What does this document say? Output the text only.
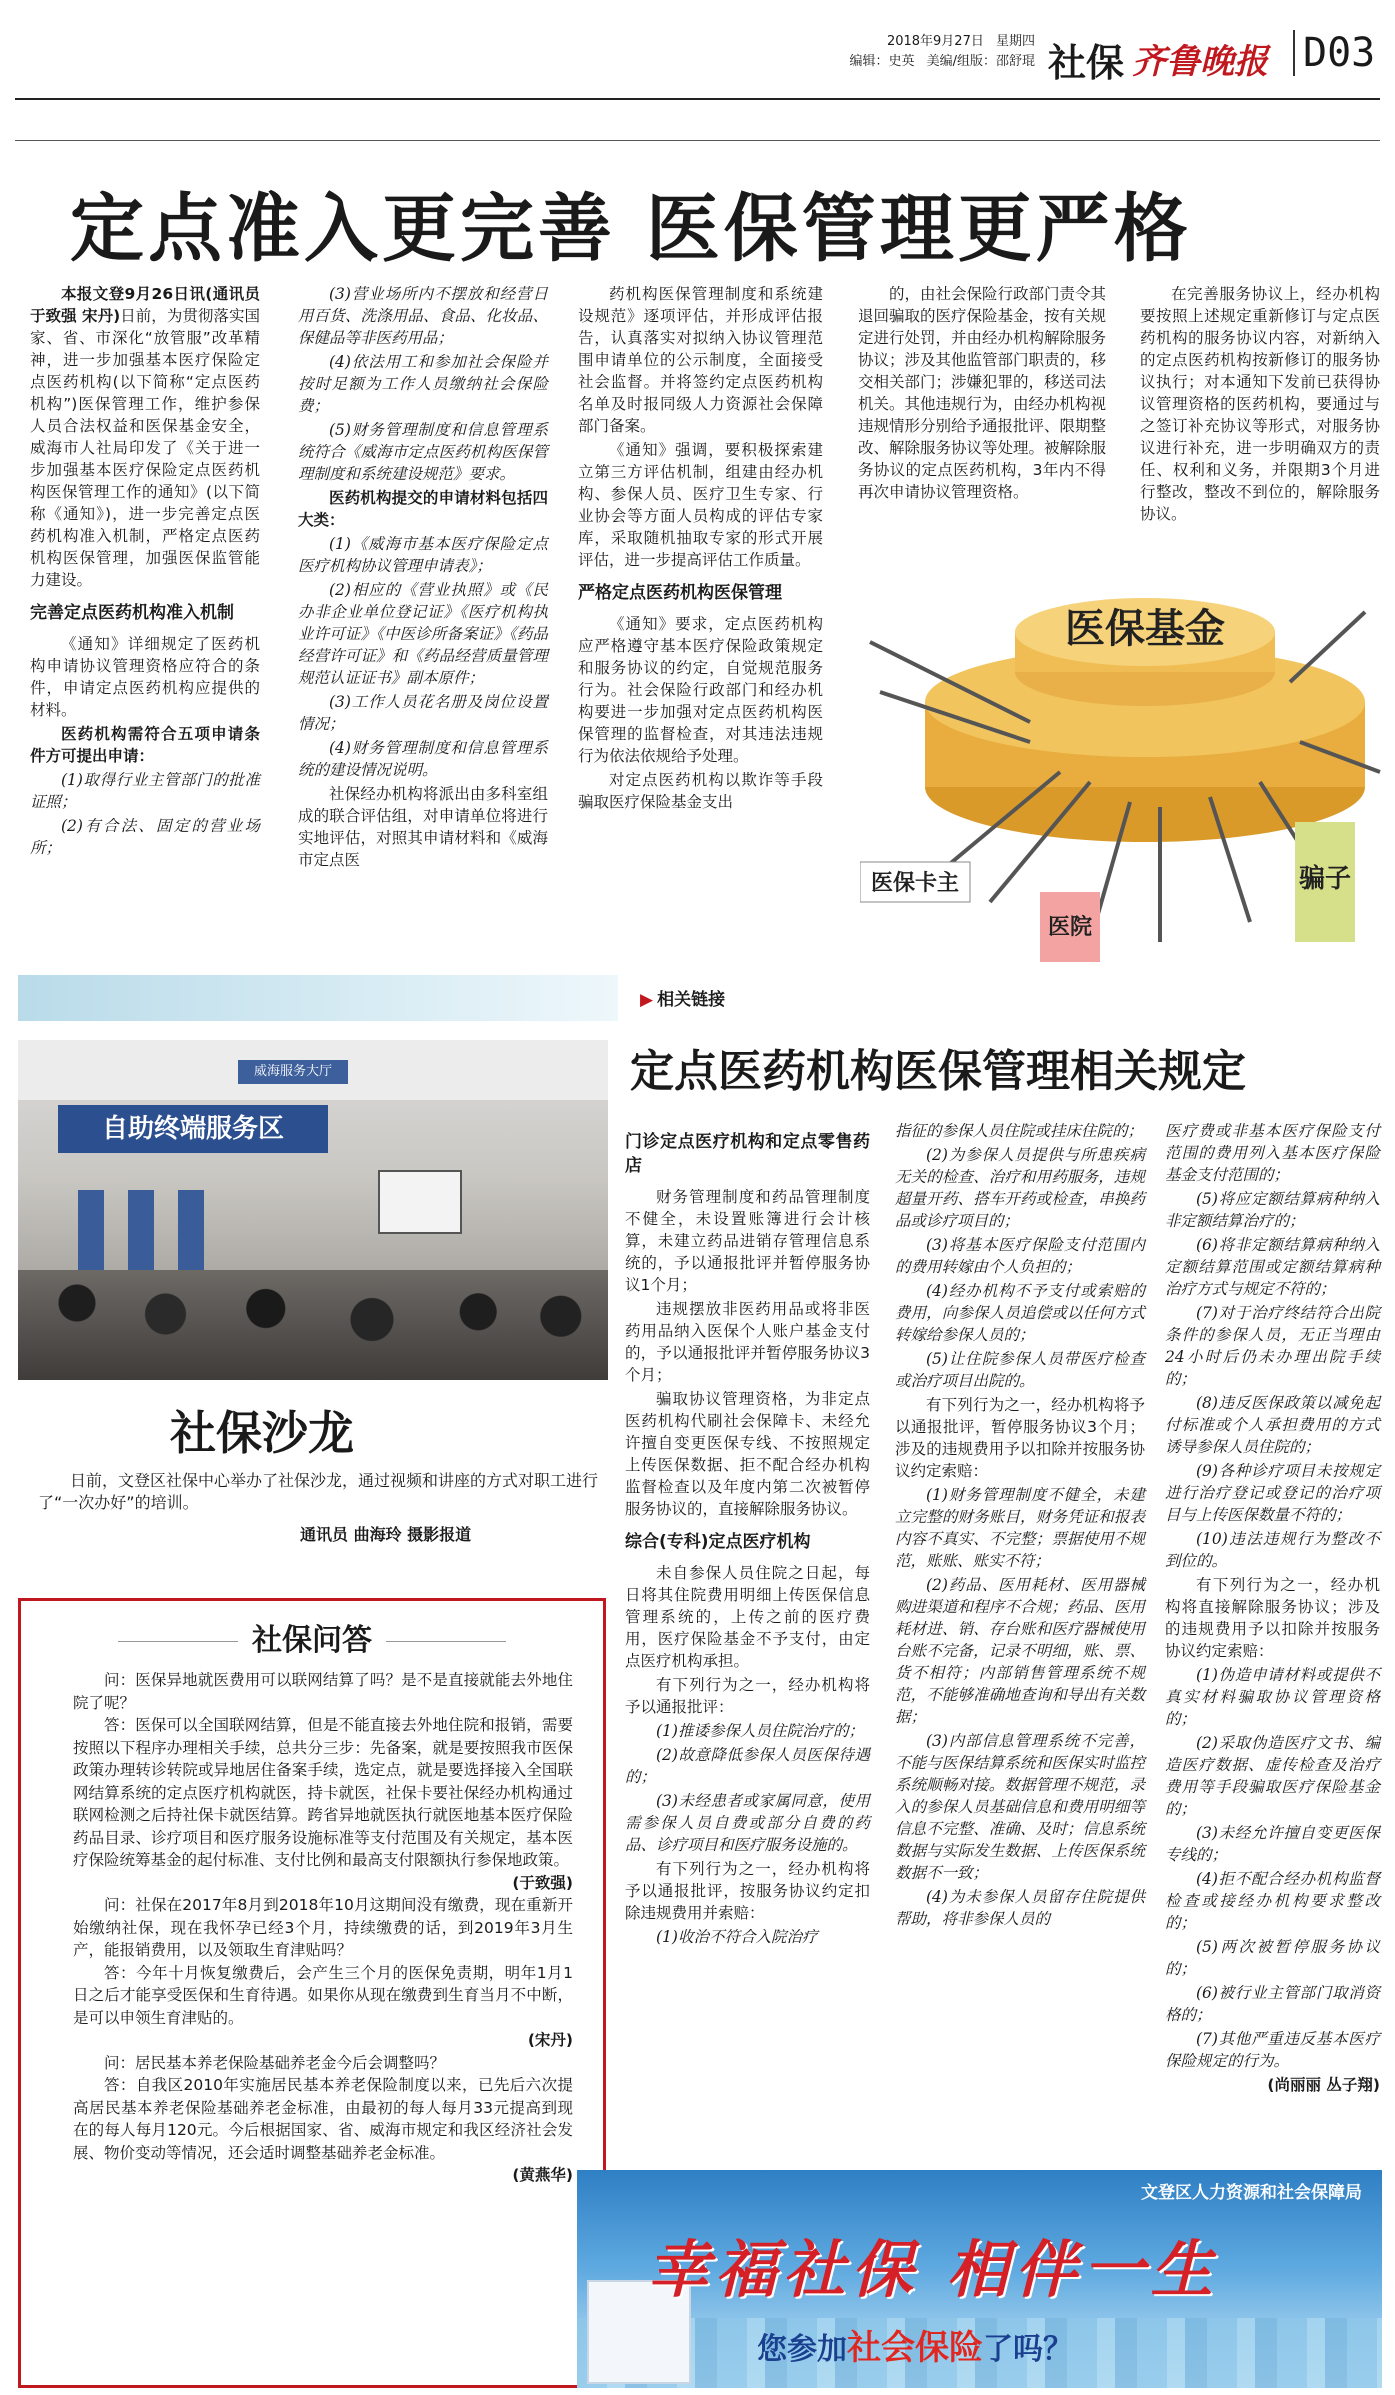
2018年9月27日 星期四
编辑：史英 美编/组版：邵舒琨 社保 齐鲁晚报 D03
定点准入更完善 医保管理更严格

本报文登9月26日讯(通讯员 于致强 宋丹)日前，为贯彻落实国家、省、市深化“放管服”改革精神，进一步加强基本医疗保险定点医药机构(以下简称“定点医药机构”)医保管理工作，维护参保人员合法权益和医保基金安全，威海市人社局印发了《关于进一步加强基本医疗保险定点医药机构医保管理工作的通知》(以下简称《通知》)，进一步完善定点医药机构准入机制，严格定点医药机构医保管理，加强医保监管能力建设。

完善定点医药机构准入机制

《通知》详细规定了医药机构申请协议管理资格应符合的条件，申请定点医药机构应提供的材料。

医药机构需符合五项申请条件方可提出申请：

(1)取得行业主管部门的批准证照；

(2)有合法、固定的营业场所；

(3)营业场所内不摆放和经营日用百货、洗涤用品、食品、化妆品、保健品等非医药用品；

(4)依法用工和参加社会保险并按时足额为工作人员缴纳社会保险费；

(5)财务管理制度和信息管理系统符合《威海市定点医药机构医保管理制度和系统建设规范》要求。

医药机构提交的申请材料包括四大类：

(1)《威海市基本医疗保险定点医疗机构协议管理申请表》；

(2)相应的《营业执照》或《民办非企业单位登记证》《医疗机构执业许可证》《中医诊所备案证》《药品经营许可证》和《药品经营质量管理规范认证证书》副本原件；

(3)工作人员花名册及岗位设置情况；

(4)财务管理制度和信息管理系统的建设情况说明。

社保经办机构将派出由多科室组成的联合评估组，对申请单位将进行实地评估，对照其申请材料和《威海市定点医

药机构医保管理制度和系统建设规范》逐项评估，并形成评估报告，认真落实对拟纳入协议管理范围申请单位的公示制度，全面接受社会监督。并将签约定点医药机构名单及时报同级人力资源社会保障部门备案。

《通知》强调，要积极探索建立第三方评估机制，组建由经办机构、参保人员、医疗卫生专家、行业协会等方面人员构成的评估专家库，采取随机抽取专家的形式开展评估，进一步提高评估工作质量。

严格定点医药机构医保管理

《通知》要求，定点医药机构应严格遵守基本医疗保险政策规定和服务协议的约定，自觉规范服务行为。社会保险行政部门和经办机构要进一步加强对定点医药机构医保管理的监督检查，对其违法违规行为依法依规给予处理。

对定点医药机构以欺诈等手段骗取医疗保险基金支出

的，由社会保险行政部门责令其退回骗取的医疗保险基金，按有关规定进行处罚，并由经办机构解除服务协议；涉及其他监管部门职责的，移交相关部门；涉嫌犯罪的，移送司法机关。其他违规行为，由经办机构视违规情形分别给予通报批评、限期整改、解除服务协议等处理。被解除服务协议的定点医药机构，3年内不得再次申请协议管理资格。

在完善服务协议上，经办机构要按照上述规定重新修订与定点医药机构的服务协议内容，对新纳入的定点医药机构按新修订的服务协议执行；对本通知下发前已获得协议管理资格的医药机构，要通过与之签订补充协议等形式，对服务协议进行补充，进一步明确双方的责任、权利和义务，并限期3个月进行整改，整改不到位的，解除服务协议。

医保基金
医保卡主
医院
骗子
▶ 相关链接
定点医药机构医保管理相关规定

门诊定点医疗机构和定点零售药店

财务管理制度和药品管理制度不健全，未设置账簿进行会计核算，未建立药品进销存管理信息系统的，予以通报批评并暂停服务协议1个月；

违规摆放非医药用品或将非医药用品纳入医保个人账户基金支付的，予以通报批评并暂停服务协议3个月；

骗取协议管理资格，为非定点医药机构代刷社会保障卡、未经允许擅自变更医保专线、不按照规定上传医保数据、拒不配合经办机构监督检查以及年度内第二次被暂停服务协议的，直接解除服务协议。

综合(专科)定点医疗机构

未自参保人员住院之日起，每日将其住院费用明细上传医保信息管理系统的，上传之前的医疗费用，医疗保险基金不予支付，由定点医疗机构承担。

有下列行为之一，经办机构将予以通报批评：

(1)推诿参保人员住院治疗的；

(2)故意降低参保人员医保待遇的；

(3)未经患者或家属同意，使用需参保人员自费或部分自费的药品、诊疗项目和医疗服务设施的。

有下列行为之一，经办机构将予以通报批评，按服务协议约定扣除违规费用并索赔：

(1)收治不符合入院治疗

指征的参保人员住院或挂床住院的；

(2)为参保人员提供与所患疾病无关的检查、治疗和用药服务，违规超量开药、搭车开药或检查，串换药品或诊疗项目的；

(3)将基本医疗保险支付范围内的费用转嫁由个人负担的；

(4)经办机构不予支付或索赔的费用，向参保人员追偿或以任何方式转嫁给参保人员的；

(5)让住院参保人员带医疗检查或治疗项目出院的。

有下列行为之一，经办机构将予以通报批评，暂停服务协议3个月；涉及的违规费用予以扣除并按服务协议约定索赔：

(1)财务管理制度不健全，未建立完整的财务账目，财务凭证和报表内容不真实、不完整；票据使用不规范，账账、账实不符；

(2)药品、医用耗材、医用器械购进渠道和程序不合规；药品、医用耗材进、销、存台账和医疗器械使用台账不完备，记录不明细，账、票、货不相符；内部销售管理系统不规范，不能够准确地查询和导出有关数据；

(3)内部信息管理系统不完善，不能与医保结算系统和医保实时监控系统顺畅对接。数据管理不规范，录入的参保人员基础信息和费用明细等信息不完整、准确、及时；信息系统数据与实际发生数据、上传医保系统数据不一致；

(4)为未参保人员留存住院提供帮助，将非参保人员的

医疗费或非基本医疗保险支付范围的费用列入基本医疗保险基金支付范围的；

(5)将应定额结算病种纳入非定额结算治疗的；

(6)将非定额结算病种纳入定额结算范围或定额结算病种治疗方式与规定不符的；

(7)对于治疗终结符合出院条件的参保人员，无正当理由24小时后仍未办理出院手续的；

(8)违反医保政策以减免起付标准或个人承担费用的方式诱导参保人员住院的；

(9)各种诊疗项目未按规定进行治疗登记或登记的治疗项目与上传医保数量不符的；

(10)违法违规行为整改不到位的。

有下列行为之一，经办机构将直接解除服务协议；涉及的违规费用予以扣除并按服务协议约定索赔：

(1)伪造申请材料或提供不真实材料骗取协议管理资格的；

(2)采取伪造医疗文书、编造医疗数据、虚传检查及治疗费用等手段骗取医疗保险基金的；

(3)未经允许擅自变更医保专线的；

(4)拒不配合经办机构监督检查或接经办机构要求整改的；

(5)两次被暂停服务协议的；

(6)被行业主管部门取消资格的；

(7)其他严重违反基本医疗保险规定的行为。

(尚丽丽 丛子翔)

威海服务大厅
自助终端服务区
社保沙龙
日前，文登区社保中心举办了社保沙龙，通过视频和讲座的方式对职工进行了“一次办好”的培训。
通讯员 曲海玲 摄影报道
社保问答

问：医保异地就医费用可以联网结算了吗？是不是直接就能去外地住院了呢？

答：医保可以全国联网结算，但是不能直接去外地住院和报销，需要按照以下程序办理相关手续，总共分三步：先备案，就是要按照我市医保政策办理转诊转院或异地居住备案手续，选定点，就是要选择接入全国联网结算系统的定点医疗机构就医，持卡就医，社保卡要社保经办机构通过联网检测之后持社保卡就医结算。跨省异地就医执行就医地基本医疗保险药品目录、诊疗项目和医疗服务设施标准等支付范围及有关规定，基本医疗保险统筹基金的起付标准、支付比例和最高支付限额执行参保地政策。

(于致强)

问：社保在2017年8月到2018年10月这期间没有缴费，现在重新开始缴纳社保，现在我怀孕已经3个月，持续缴费的话，到2019年3月生产，能报销费用，以及领取生育津贴吗？

答：今年十月恢复缴费后，会产生三个月的医保免责期，明年1月1日之后才能享受医保和生育待遇。如果你从现在缴费到生育当月不中断，是可以申领生育津贴的。

(宋丹)

问：居民基本养老保险基础养老金今后会调整吗？

答：自我区2010年实施居民基本养老保险制度以来，已先后六次提高居民基本养老保险基础养老金标准，由最初的每人每月33元提高到现在的每人每月120元。今后根据国家、省、威海市规定和我区经济社会发展、物价变动等情况，还会适时调整基础养老金标准。

(黄燕华)

文登区人力资源和社会保障局
幸福社保 相伴一生
您参加社会保险了吗？
